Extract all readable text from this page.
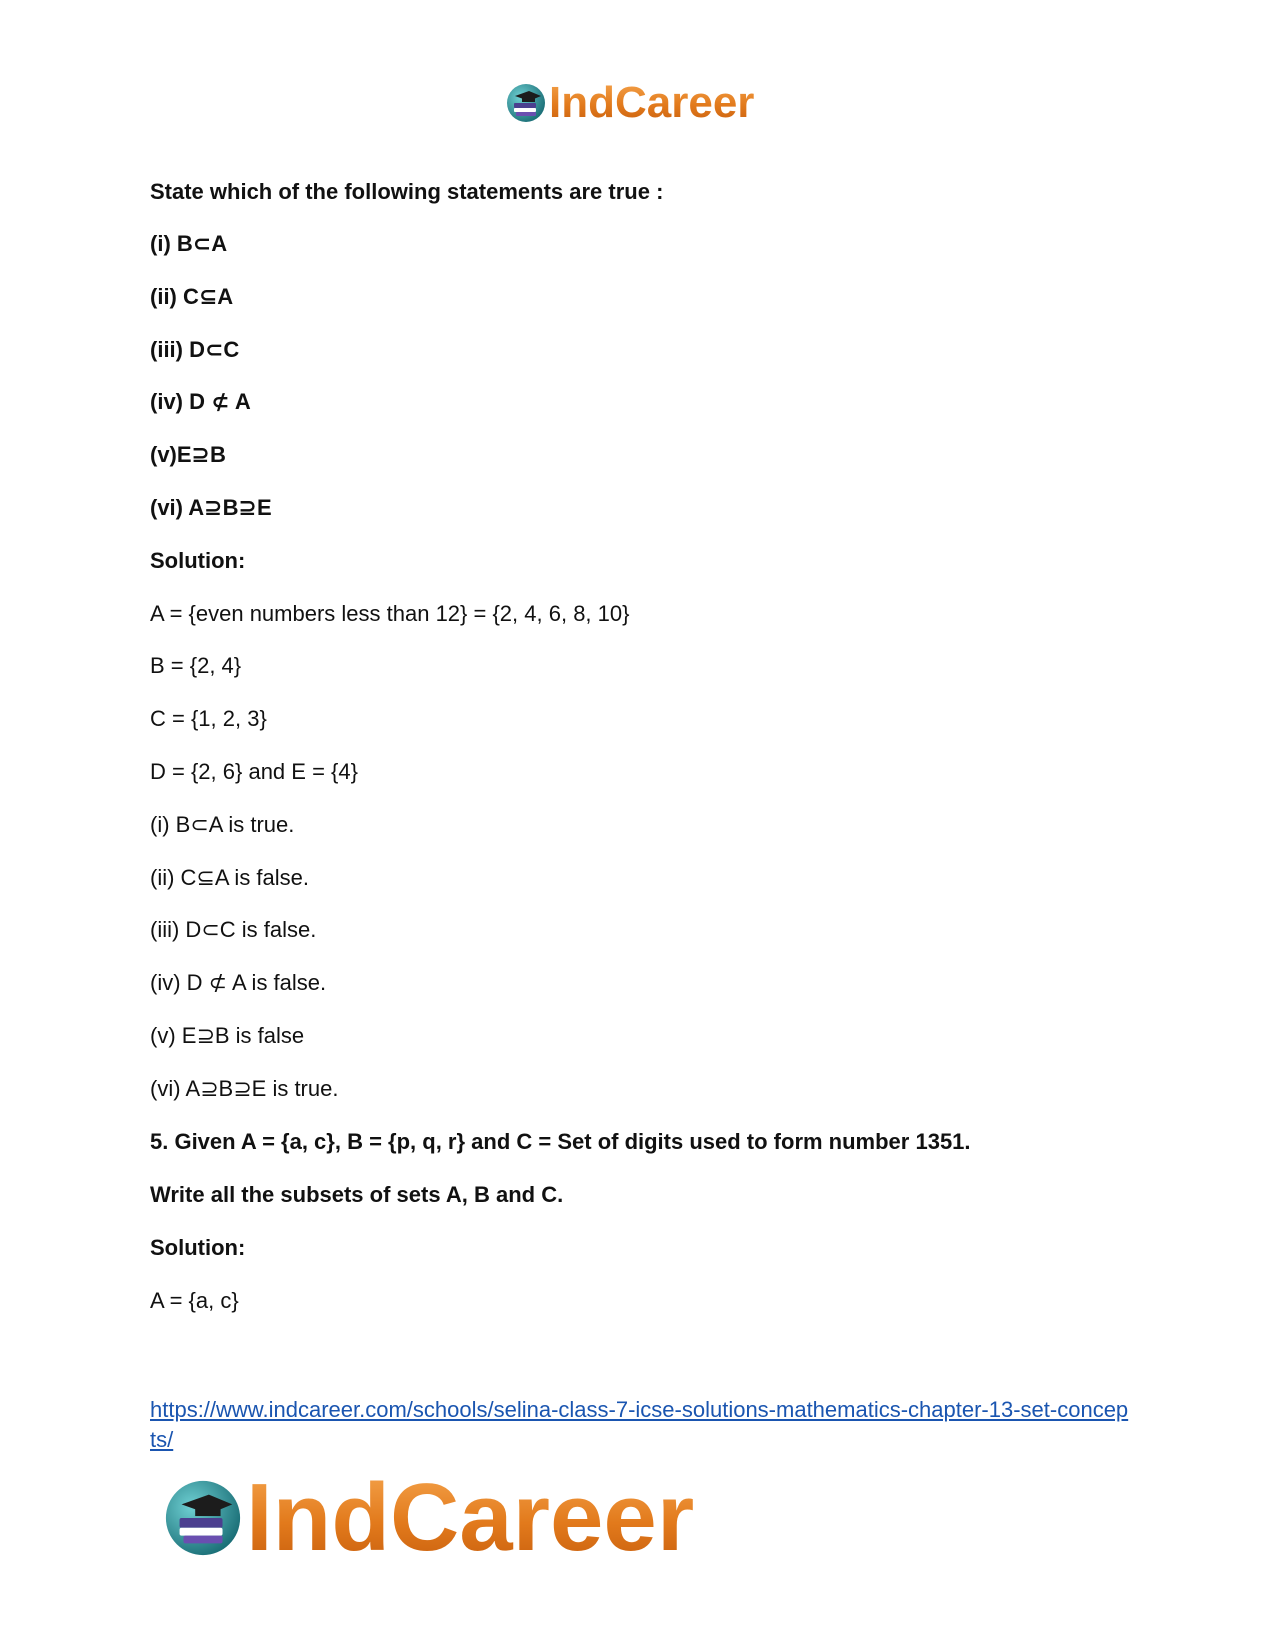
IndCareer
State which of the following statements are true :
(i) B⊂A
(ii) C⊆A
(iii) D⊂C
(iv) D ⊄ A
(v)E⊇B
(vi) A⊇B⊇E
Solution:
A = {even numbers less than 12} = {2, 4, 6, 8, 10}
B = {2, 4}
C = {1, 2, 3}
D = {2, 6} and E = {4}
(i) B⊂A is true.
(ii) C⊆A is false.
(iii) D⊂C is false.
(iv) D ⊄ A is false.
(v) E⊇B is false
(vi) A⊇B⊇E is true.
5. Given A = {a, c}, B = {p, q, r} and C = Set of digits used to form number 1351.
Write all the subsets of sets A, B and C.
Solution:
A = {a, c}
https://www.indcareer.com/schools/selina-class-7-icse-solutions-mathematics-chapter-13-set-concepts/
IndCareer
